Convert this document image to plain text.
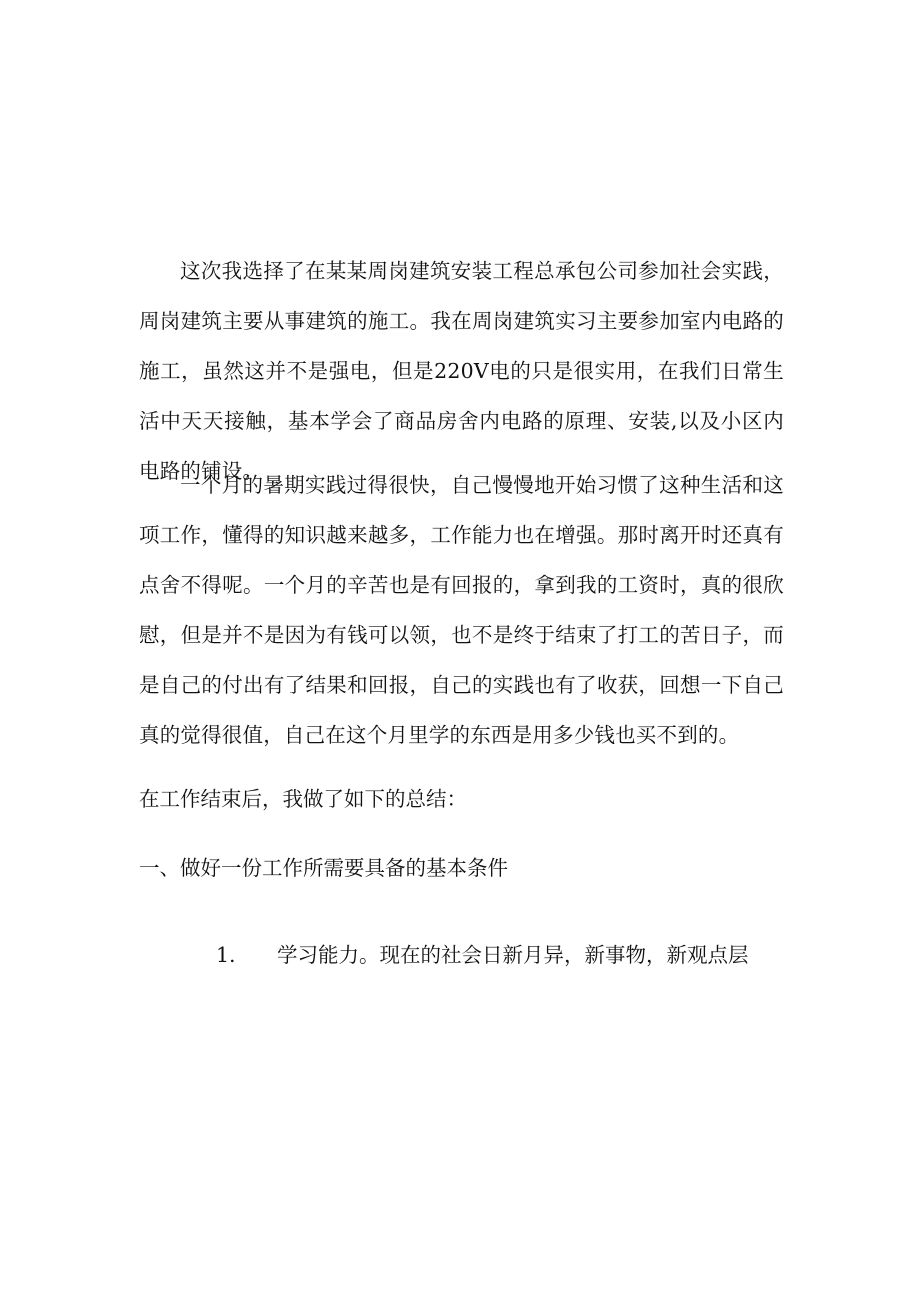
这次我选择了在某某周岗建筑安装工程总承包公司参加社会实践，周岗建筑主要从事建筑的施工。我在周岗建筑实习主要参加室内电路的施工，虽然这并不是强电，但是220V电的只是很实用，在我们日常生活中天天接触，基本学会了商品房舍内电路的原理、安装,以及小区内电路的铺设。

一个月的暑期实践过得很快，自己慢慢地开始习惯了这种生活和这项工作，懂得的知识越来越多，工作能力也在增强。那时离开时还真有点舍不得呢。一个月的辛苦也是有回报的，拿到我的工资时，真的很欣慰，但是并不是因为有钱可以领，也不是终于结束了打工的苦日子，而是自己的付出有了结果和回报，自己的实践也有了收获，回想一下自己真的觉得很值，自己在这个月里学的东西是用多少钱也买不到的。

在工作结束后，我做了如下的总结：

一、做好一份工作所需要具备的基本条件

1. 学习能力。现在的社会日新月异，新事物，新观点层
